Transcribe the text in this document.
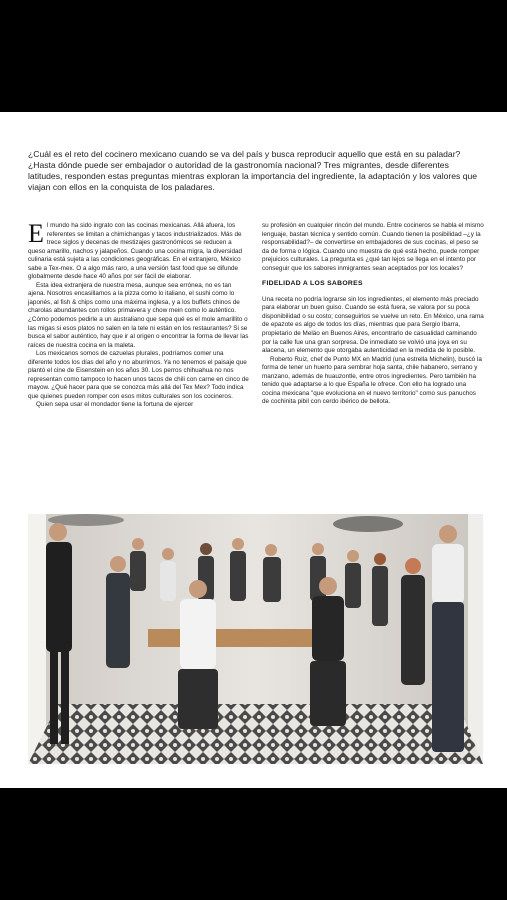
¿Cuál es el reto del cocinero mexicano cuando se va del país y busca reproducir aquello que está en su paladar? ¿Hasta dónde puede ser embajador o autoridad de la gastronomía nacional? Tres migrantes, desde diferentes latitudes, responden estas preguntas mientras exploran la importancia del ingrediente, la adaptación y los valores que viajan con ellos en la conquista de los paladares.

El mundo ha sido ingrato con las cocinas mexicanas. Allá afuera, los referentes se limitan a chimichangas y tacos industrializados. Más de trece siglos y decenas de mestizajes gastronómicos se reducen a queso amarillo, nachos y jalapeños. Cuando una cocina migra, la diversidad culinaria está sujeta a las condiciones geográficas. En el extranjero, México sabe a Tex-mex. O a algo más raro, a una versión fast food que se difunde globalmente desde hace 40 años por ser fácil de elaborar.

Esta idea extranjera de nuestra mesa, aunque sea errónea, no es tan ajena. Nosotros encasillamos a la pizza como lo italiano, el sushi como lo japonés, al fish & chips como una máxima inglesa, y a los buffets chinos de charolas abundantes con rollos primavera y chow mein como lo auténtico. ¿Cómo podemos pedirle a un australiano que sepa qué es el mole amarillito o las migas si esos platos no salen en la tele ni están en los restaurantes? Si se busca el sabor auténtico, hay que ir al origen o encontrar la forma de llevar las raíces de nuestra cocina en la maleta.

Los mexicanos somos de cazuelas plurales, podríamos comer una diferente todos los días del año y no aburrirnos. Ya no tenemos el paisaje que plantó el cine de Eisenstein en los años 30. Los perros chihuahua no nos representan como tampoco lo hacen unos tacos de chili con carne en cinco de mayow. ¿Qué hacer para que se conozca más allá del Tex Mex? Todo indica que quienes pueden romper con esos mitos culturales son los cocineros.

Quien sepa usar el mondador tiene la fortuna de ejercer

su profesión en cualquier rincón del mundo. Entre cocineros se habla el mismo lenguaje, bastan técnica y sentido común. Cuando tienen la posibilidad –¿y la responsabilidad?– de convertirse en embajadores de sus cocinas, el peso se da de forma o lógica. Cuando uno muestra de qué está hecho, puede romper prejuicios culturales. La pregunta es ¿qué tan lejos se llega en el intento por conseguir que los sabores inmigrantes sean aceptados por los locales?

FIDELIDAD A LOS SABORES

Una receta no podría lograrse sin los ingredientes, el elemento más preciado para elaborar un buen guiso. Cuando se está fuera, se valora por su poca disponibilidad o su costo; conseguirlos se vuelve un reto. En México, una rama de epazote es algo de todos los días, mientras que para Sergio Ibarra, propietario de Meläo en Buenos Aires, encontrarlo de casualidad caminando por la calle fue una gran sorpresa. De inmediato se volvió una joya en su alacena, un elemento que otorgaba autenticidad en la medida de lo posible.

Roberto Ruiz, chef de Punto MX en Madrid (una estrella Michelin), buscó la forma de tener un huerto para sembrar hoja santa, chile habanero, serrano y manzano, además de huauzontle, entre otros ingredientes. Pero también ha tenido que adaptarse a lo que España le ofrece. Con ello ha logrado una cocina mexicana "que evoluciona en el nuevo territorio" como sus panuchos de cochinita pibil con cerdo ibérico de bellota.
